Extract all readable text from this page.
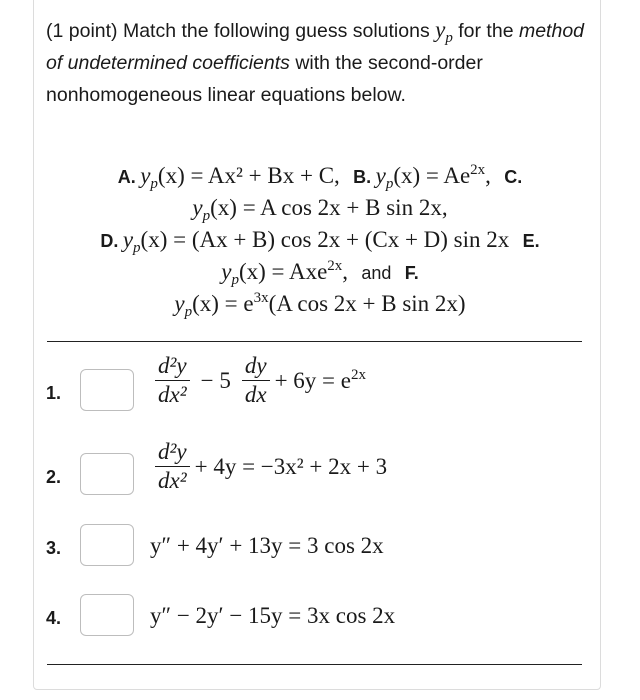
(1 point) Match the following guess solutions $y_p$ for the method of undetermined coefficients with the second-order nonhomogeneous linear equations below.
A. $y_p(x) = Ax^2 + Bx + C$, B. $y_p(x) = Ae^{2x}$, C.
$y_p(x) = A$ cos 2x + B sin 2x,
D. $y_p(x) = (Ax + B)$ cos 2x + (Cx + D) sin 2x E.
$y_p(x) = Axe^{2x}$, and F.
$y_p(x) = e^{3x}(A$ cos 2x + B sin 2x)
1.	$\frac{\text{d²y}}{\text{dx²}} - 5 \frac{dy}{dx} + 6y = e^{2x}$
2.	$\frac{\text{d²y}}{\text{dx²}} + 4y = -3x^2 + 2x + 3$
3.	y″ + 4y′ + 13y = 3 cos 2x
4.	y″ − 2y′ − 15y = 3x cos 2x
